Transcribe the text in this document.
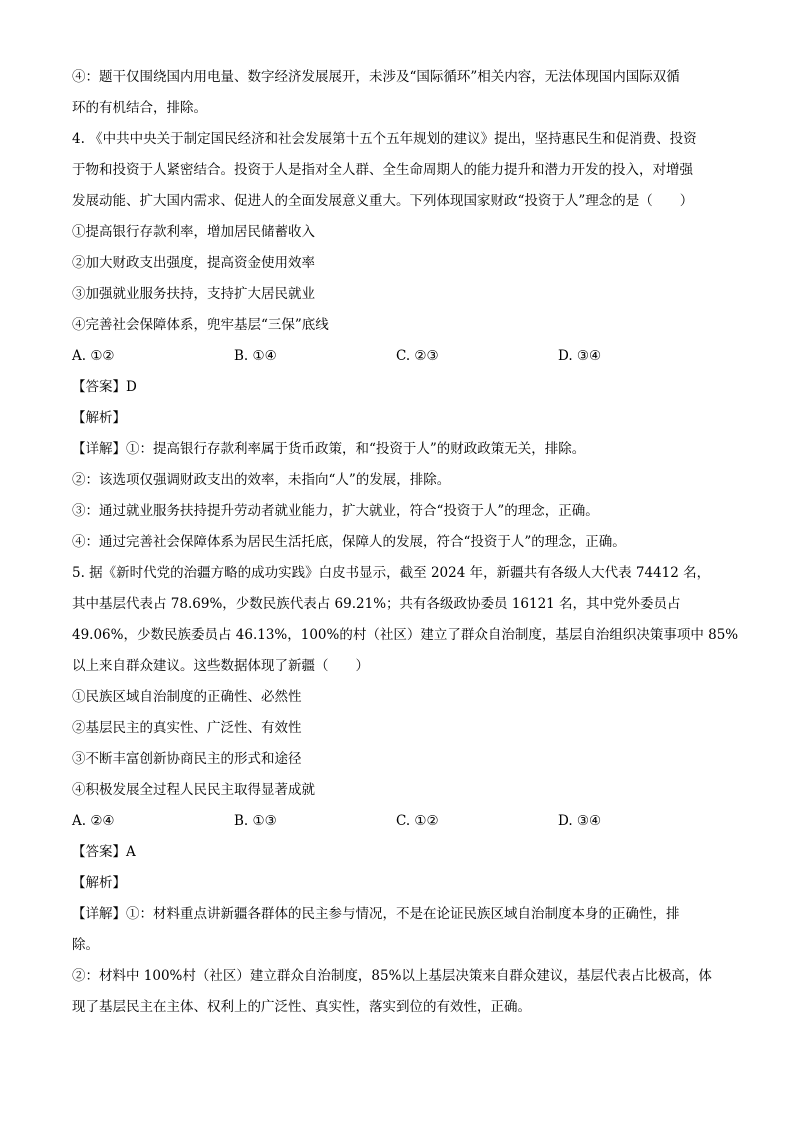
④：题干仅围绕国内用电量、数字经济发展展开，未涉及“国际循环”相关内容，无法体现国内国际双循
环的有机结合，排除。
4. 《中共中央关于制定国民经济和社会发展第十五个五年规划的建议》提出，坚持惠民生和促消费、投资
于物和投资于人紧密结合。投资于人是指对全人群、全生命周期人的能力提升和潜力开发的投入，对增强
发展动能、扩大国内需求、促进人的全面发展意义重大。下列体现国家财政“投资于人”理念的是（　　）
①提高银行存款利率，增加居民储蓄收入
②加大财政支出强度，提高资金使用效率
③加强就业服务扶持，支持扩大居民就业
④完善社会保障体系，兜牢基层“三保”底线
A. ①②	B. ①④	C. ②③	D. ③④
【答案】D
【解析】
【详解】①：提高银行存款利率属于货币政策，和“投资于人”的财政政策无关，排除。
②：该选项仅强调财政支出的效率，未指向“人”的发展，排除。
③：通过就业服务扶持提升劳动者就业能力，扩大就业，符合“投资于人”的理念，正确。
④：通过完善社会保障体系为居民生活托底，保障人的发展，符合“投资于人”的理念，正确。
5. 据《新时代党的治疆方略的成功实践》白皮书显示，截至 2024 年，新疆共有各级人大代表 74412 名，
其中基层代表占 78.69%，少数民族代表占 69.21%；共有各级政协委员 16121 名，其中党外委员占
49.06%，少数民族委员占 46.13%，100%的村（社区）建立了群众自治制度，基层自治组织决策事项中 85%
以上来自群众建议。这些数据体现了新疆（　　）
①民族区域自治制度的正确性、必然性
②基层民主的真实性、广泛性、有效性
③不断丰富创新协商民主的形式和途径
④积极发展全过程人民民主取得显著成就
A. ②④	B. ①③	C. ①②	D. ③④
【答案】A
【解析】
【详解】①：材料重点讲新疆各群体的民主参与情况，不是在论证民族区域自治制度本身的正确性，排
除。
②：材料中 100%村（社区）建立群众自治制度，85%以上基层决策来自群众建议，基层代表占比极高，体
现了基层民主在主体、权利上的广泛性、真实性，落实到位的有效性，正确。
